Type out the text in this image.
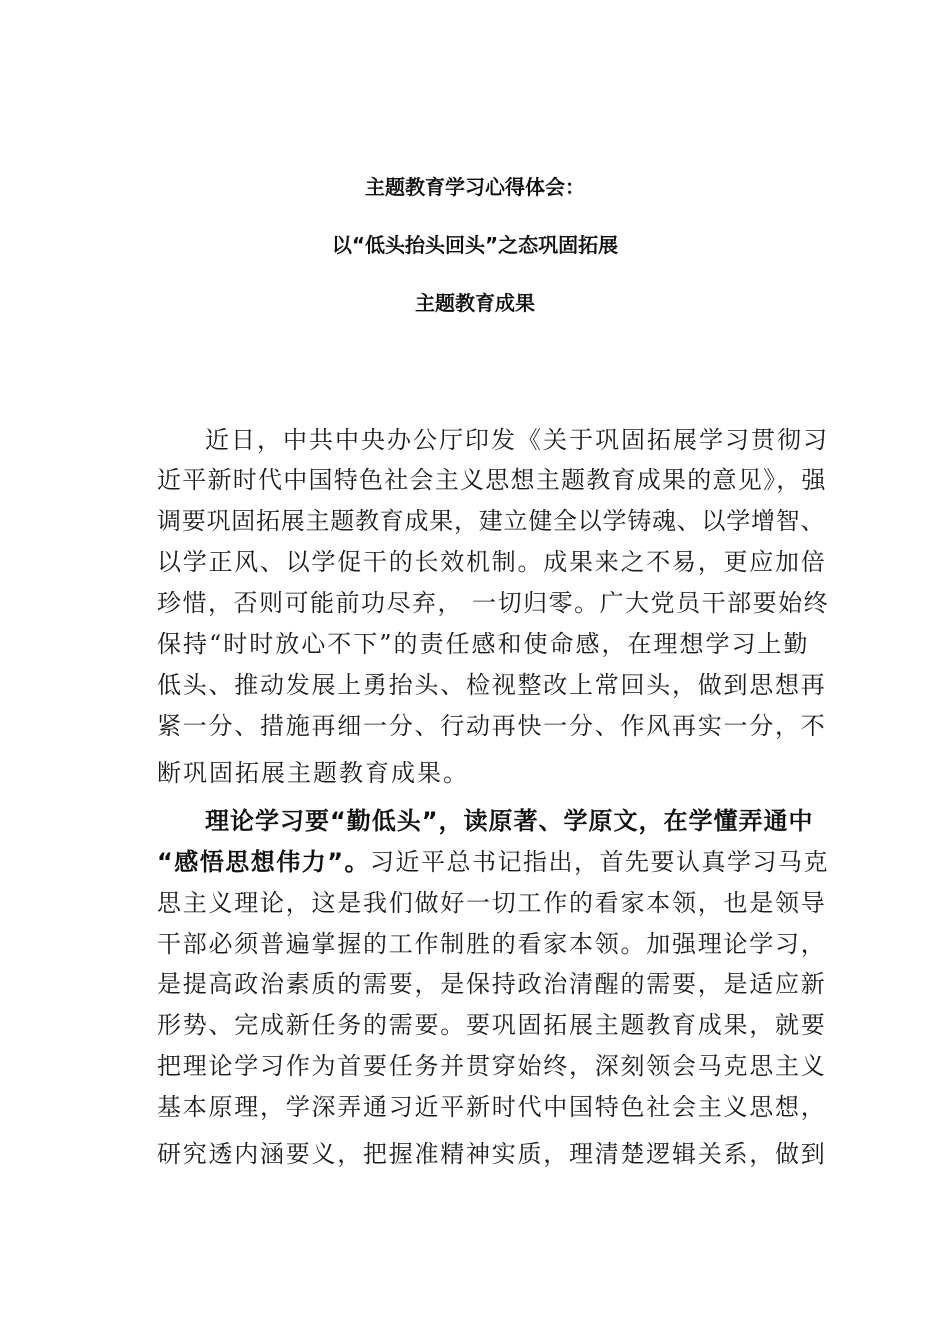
主题教育学习心得体会：
以“低头抬头回头”之态巩固拓展
主题教育成果
近日，中共中央办公厅印发《关于巩固拓展学习贯彻习
近平新时代中国特色社会主义思想主题教育成果的意见》，强
调要巩固拓展主题教育成果，建立健全以学铸魂、以学增智、
以学正风、以学促干的长效机制。成果来之不易，更应加倍
珍惜，否则可能前功尽弃， 一切归零。广大党员干部要始终
保持“时时放心不下”的责任感和使命感，在理想学习上勤
低头、推动发展上勇抬头、检视整改上常回头，做到思想再
紧一分、措施再细一分、行动再快一分、作风再实一分，不
断巩固拓展主题教育成果。
理论学习要“勤低头”，读原著、学原文，在学懂弄通中
“感悟思想伟力”。习近平总书记指出，首先要认真学习马克
思主义理论，这是我们做好一切工作的看家本领，也是领导
干部必须普遍掌握的工作制胜的看家本领。加强理论学习，
是提高政治素质的需要，是保持政治清醒的需要，是适应新
形势、完成新任务的需要。要巩固拓展主题教育成果，就要
把理论学习作为首要任务并贯穿始终，深刻领会马克思主义
基本原理，学深弄通习近平新时代中国特色社会主义思想，
研究透内涵要义，把握准精神实质，理清楚逻辑关系，做到
